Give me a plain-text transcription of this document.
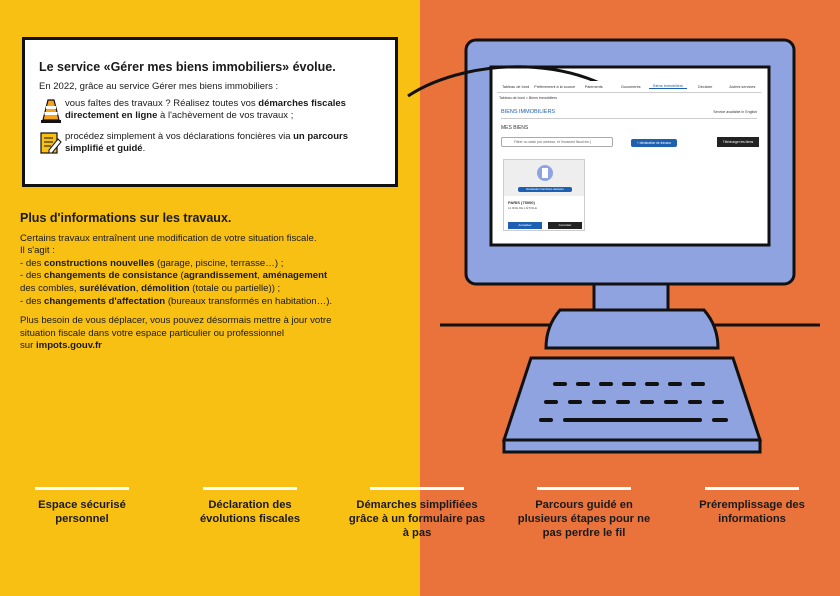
Le service «Gérer mes biens immobiliers» évolue.

En 2022, grâce au service Gérer mes biens immobiliers :

vous faîtes des travaux ? Réalisez toutes vos démarches fiscales directement en ligne à l'achèvement de vos travaux ;
procédez simplement à vos déclarations foncières via un parcours simplifié et guidé.
Plus d'informations sur les travaux.

Certains travaux entraînent une modification de votre situation fiscale.

Il s'agit :

- des constructions nouvelles (garage, piscine, terrasse…) ;

- des changements de consistance (agrandissement, aménagement

des combles, surélévation, démolition (totale ou partielle)) ;

- des changements d'affectation (bureaux transformés en habitation…).

Plus besoin de vous déplacer, vous pouvez désormais mettre à jour votre

situation fiscale dans votre espace particulier ou professionnel

sur impots.gouv.fr

Tableau de bord	Prélèvement à la source	Paiements	Documents	Biens immobiliers	Déclarer	Autres services
Tableau de bord > Biens immobiliers
BIENS IMMOBILIERS	Service available in English
MES BIENS
Filtrer ou saisir par adresse, et l'invariant fiscal etc.)	+ déclaration de travaux	Télécharger les biens
Déclaration fonctions déclarés
PARIS (75000)
11 RUE DE L'ÉTOILE
Actualiser	Consulter
Espace sécurisé personnel
Déclaration des évolutions fiscales
Démarches simplifiées grâce à un formulaire pas à pas
Parcours guidé en plusieurs étapes pour ne pas perdre le fil
Préremplissage des informations
